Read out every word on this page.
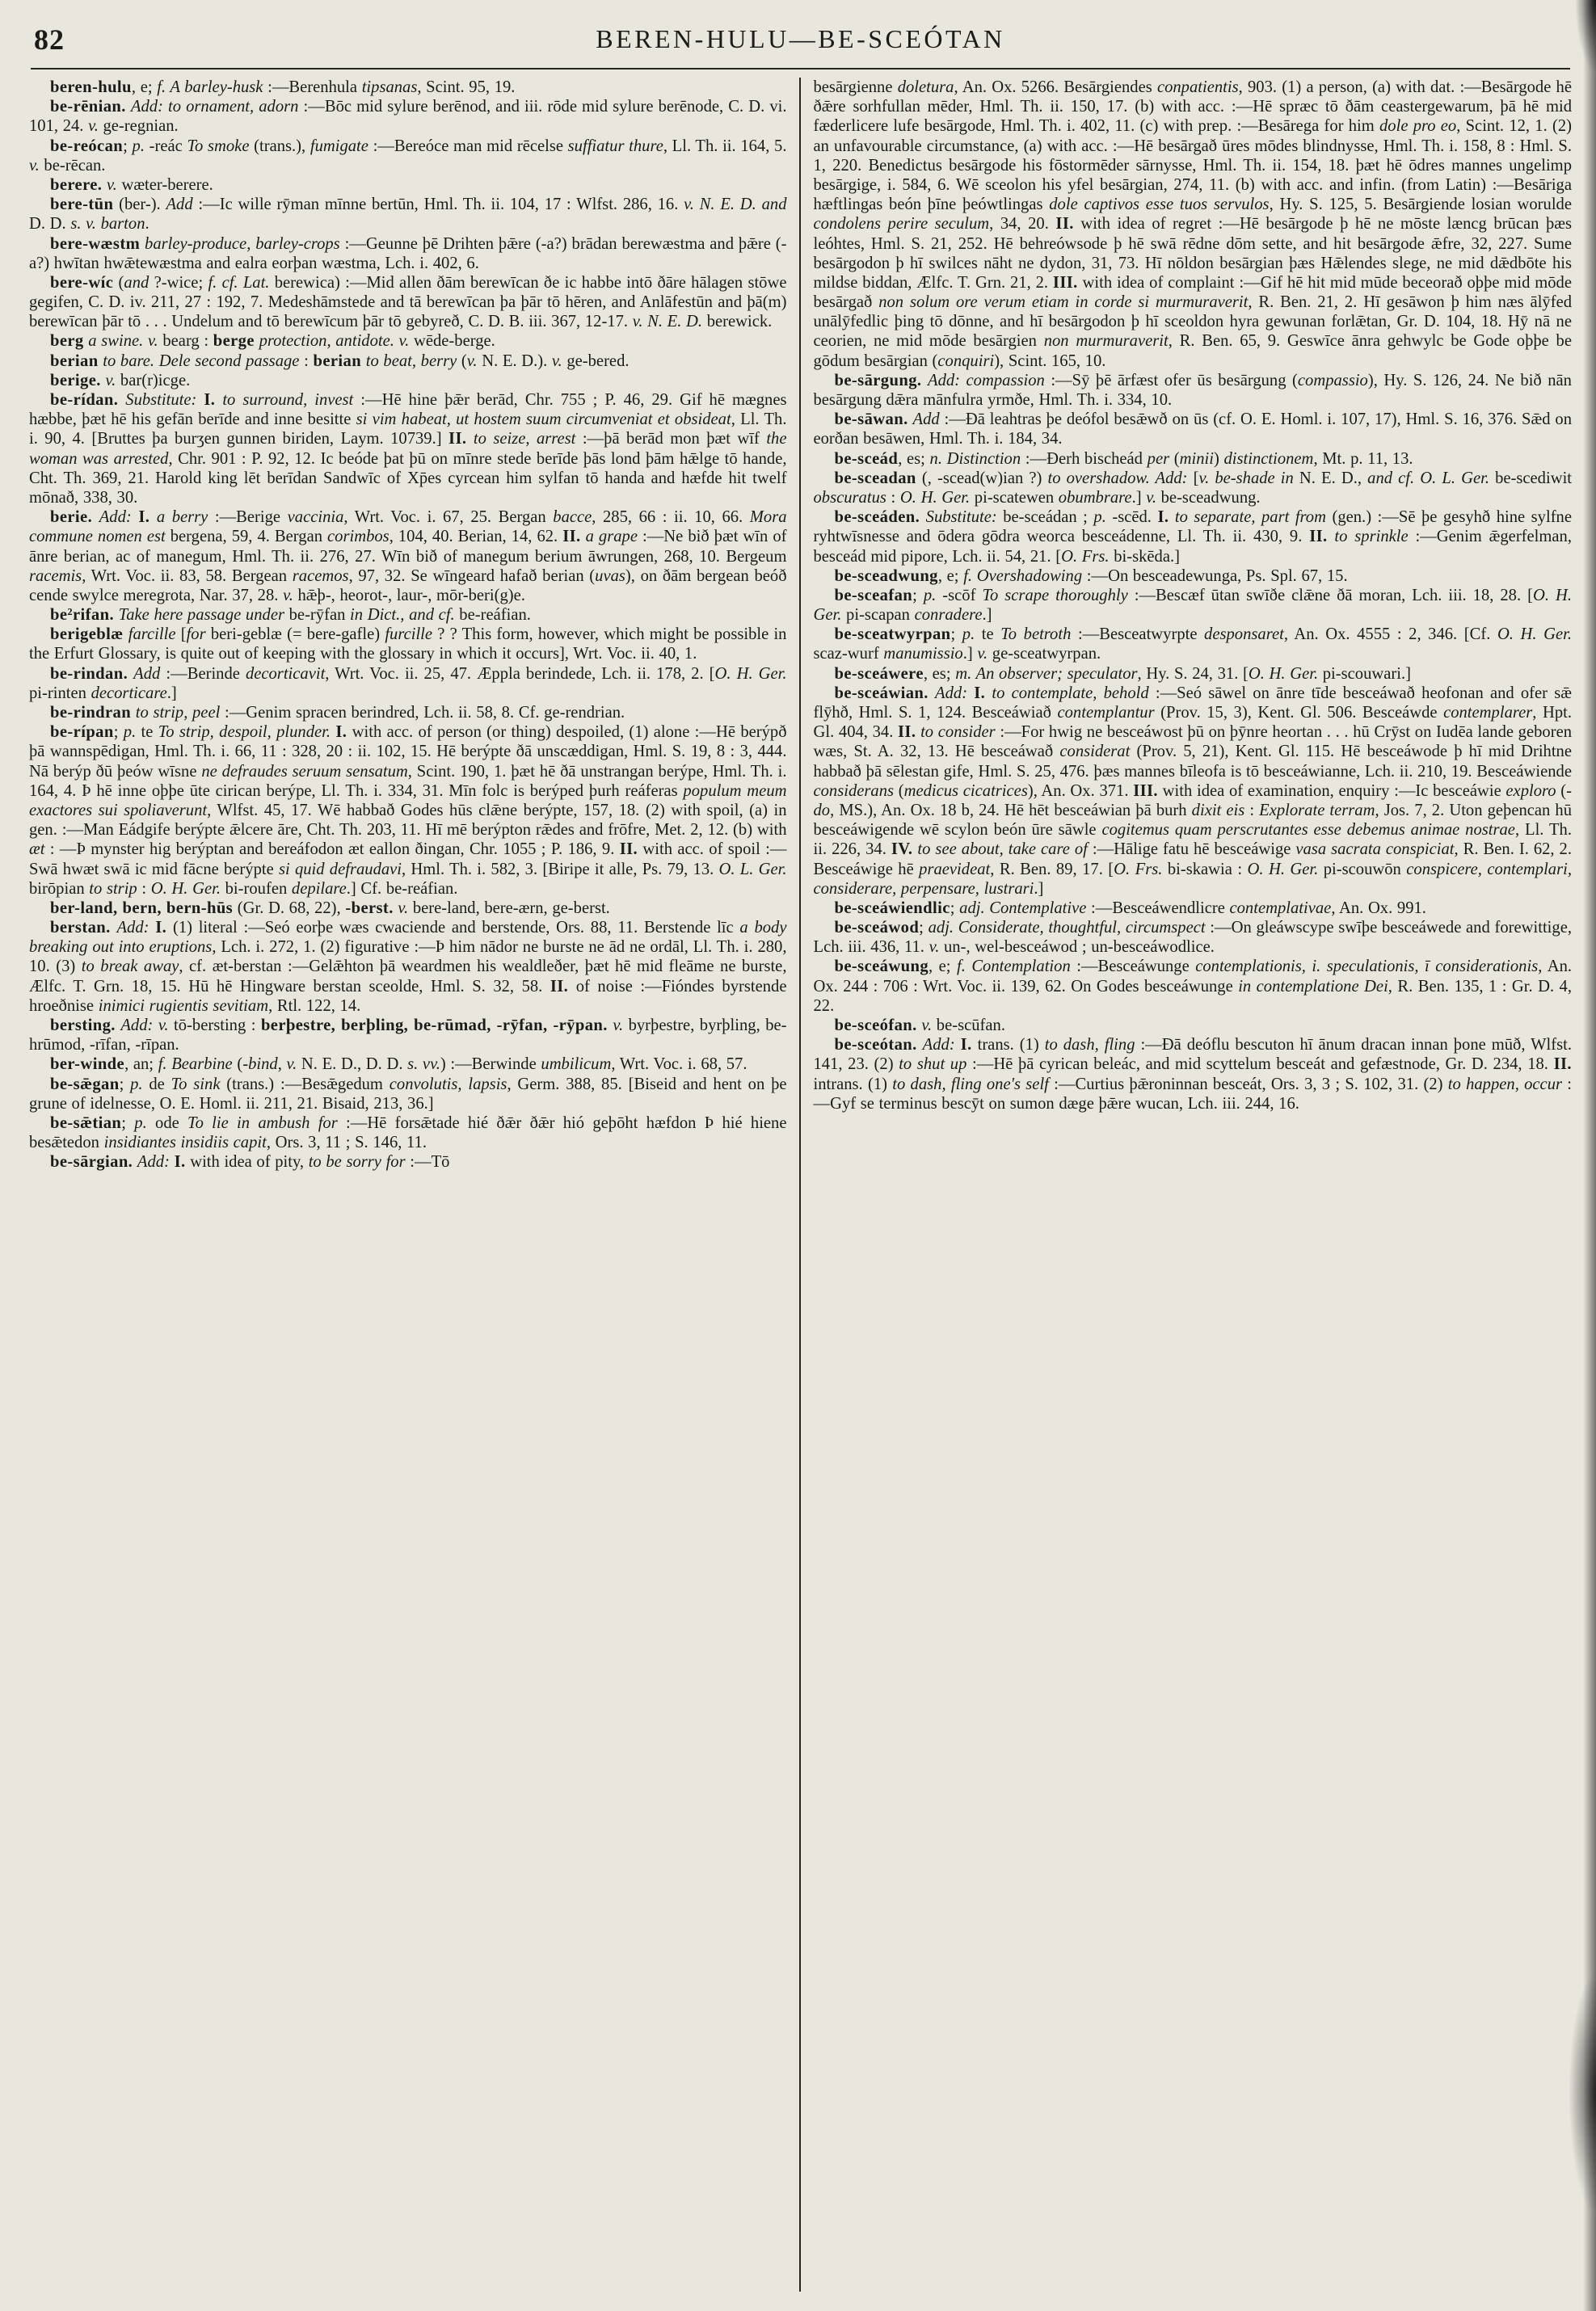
82	BEREN-HULU—BE-SCEÓTAN

beren-hulu, e; f. A barley-husk :—Berenhula tipsanas, Scint. 95, 19.

be-rēnian. Add: to ornament, adorn :—Bōc mid sylure berēnod, and iii. rōde mid sylure berēnode, C. D. vi. 101, 24. v. ge-regnian.

be-reócan; p. -reác To smoke (trans.), fumigate :—Bereóce man mid rēcelse suffiatur thure, Ll. Th. ii. 164, 5. v. be-rēcan.

berere. v. wæter-berere.

bere-tūn (ber-). Add :—Ic wille rȳman mīnne bertūn, Hml. Th. ii. 104, 17 : Wlfst. 286, 16. v. N. E. D. and D. D. s. v. barton.

bere-wæstm barley-produce, barley-crops :—Geunne þē Drihten þǣre (-a?) brādan berewæstma and þǣre (-a?) hwītan hwǣtewæstma and ealra eorþan wæstma, Lch. i. 402, 6.

bere-wíc (and ?-wice; f. cf. Lat. berewica) :—Mid allen ðām berewīcan ðe ic habbe intō ðāre hālagen stōwe gegifen, C. D. iv. 211, 27 : 192, 7. Medeshāmstede and tā berewīcan þa þār tō hēren, and Anlāfestūn and þā(m) berewīcan þār tō . . . Undelum and tō berewīcum þār tō gebyreð, C. D. B. iii. 367, 12-17. v. N. E. D. berewick.

berg a swine. v. bearg : berge protection, antidote. v. wēde-berge.

berian to bare. Dele second passage : berian to beat, berry (v. N. E. D.). v. ge-bered.

berige. v. bar(r)icge.

be-rídan. Substitute: I. to surround, invest :—Hē hine þǣr berād, Chr. 755 ; P. 46, 29. Gif hē mægnes hæbbe, þæt hē his gefān berīde and inne besitte si vim habeat, ut hostem suum circumveniat et obsideat, Ll. Th. i. 90, 4. [Bruttes þa burʒen gunnen biriden, Laym. 10739.] II. to seize, arrest :—þā berād mon þæt wīf the woman was arrested, Chr. 901 : P. 92, 12. Ic beóde þat þū on mīnre stede berīde þās lond þām hǣlge tō hande, Cht. Th. 369, 21. Harold king lēt berīdan Sandwīc of Xp̄es cyrcean him sylfan tō handa and hæfde hit twelf mōnað, 338, 30.

berie. Add: I. a berry :—Berige vaccinia, Wrt. Voc. i. 67, 25. Bergan bacce, 285, 66 : ii. 10, 66. Mora commune nomen est bergena, 59, 4. Bergan corimbos, 104, 40. Berian, 14, 62. II. a grape :—Ne bið þæt wīn of ānre berian, ac of manegum, Hml. Th. ii. 276, 27. Wīn bið of manegum berium āwrungen, 268, 10. Bergeum racemis, Wrt. Voc. ii. 83, 58. Bergean racemos, 97, 32. Se wīngeard hafað berian (uvas), on ðām bergean beóð cende swylce meregrota, Nar. 37, 28. v. hǣþ-, heorot-, laur-, mōr-beri(g)e.

be²rifan. Take here passage under be-rȳfan in Dict., and cf. be-reáfian.

berigeblæ farcille [for beri-geblæ (= bere-gafle) furcille ? ? This form, however, which might be possible in the Erfurt Glossary, is quite out of keeping with the glossary in which it occurs], Wrt. Voc. ii. 40, 1.

be-rindan. Add :—Berinde decorticavit, Wrt. Voc. ii. 25, 47. Æppla berindede, Lch. ii. 178, 2. [O. H. Ger. pi-rinten decorticare.]

be-rindran to strip, peel :—Genim spracen berindred, Lch. ii. 58, 8. Cf. ge-rendrian.

be-rípan; p. te To strip, despoil, plunder. I. with acc. of person (or thing) despoiled, (1) alone :—Hē berýpð þā wannspēdigan, Hml. Th. i. 66, 11 : 328, 20 : ii. 102, 15. Hē berýpte ðā unscæddigan, Hml. S. 19, 8 : 3, 444. Nā berýp ðū þeów wīsne ne defraudes seruum sensatum, Scint. 190, 1. þæt hē ðā unstrangan berýpe, Hml. Th. i. 164, 4. Þ hē inne oþþe ūte cirican berýpe, Ll. Th. i. 334, 31. Mīn folc is berýped þurh reáferas populum meum exactores sui spoliaverunt, Wlfst. 45, 17. Wē habbað Godes hūs clǣne berýpte, 157, 18. (2) with spoil, (a) in gen. :—Man Eádgife berýpte ǣlcere āre, Cht. Th. 203, 11. Hī mē berýpton rǣdes and frōfre, Met. 2, 12. (b) with æt : —Þ mynster hig berýptan and bereáfodon æt eallon ðingan, Chr. 1055 ; P. 186, 9. II. with acc. of spoil :—Swā hwæt swā ic mid fācne berýpte si quid defraudavi, Hml. Th. i. 582, 3. [Biripe it alle, Ps. 79, 13. O. L. Ger. birōpian to strip : O. H. Ger. bi-roufen depilare.] Cf. be-reáfian.

ber-land, bern, bern-hūs (Gr. D. 68, 22), -berst. v. bere-land, bere-ærn, ge-berst.

berstan. Add: I. (1) literal :—Seó eorþe wæs cwaciende and berstende, Ors. 88, 11. Berstende līc a body breaking out into eruptions, Lch. i. 272, 1. (2) figurative :—Þ him nādor ne burste ne ād ne ordāl, Ll. Th. i. 280, 10. (3) to break away, cf. æt-berstan :—Gelǣhton þā weardmen his wealdleðer, þæt hē mid fleāme ne burste, Ælfc. T. Grn. 18, 15. Hū hē Hingware berstan sceolde, Hml. S. 32, 58. II. of noise :—Fióndes byrstende hroeðnise inimici rugientis sevitiam, Rtl. 122, 14.

bersting. Add: v. tō-bersting : berþestre, berþling, be-rūmad, -rȳfan, -rȳpan. v. byrþestre, byrþling, be-hrūmod, -rīfan, -rīpan.

ber-winde, an; f. Bearbine (-bind, v. N. E. D., D. D. s. vv.) :—Berwinde umbilicum, Wrt. Voc. i. 68, 57.

be-sǣgan; p. de To sink (trans.) :—Besǣgedum convolutis, lapsis, Germ. 388, 85. [Biseid and hent on þe grune of idelnesse, O. E. Homl. ii. 211, 21. Bisaid, 213, 36.]

be-sǣtian; p. ode To lie in ambush for :—Hē forsǣtade hié ðǣr ðǣr hió geþōht hæfdon Þ hié hiene besǣtedon insidiantes insidiis capit, Ors. 3, 11 ; S. 146, 11.

be-sārgian. Add: I. with idea of pity, to be sorry for :—Tō

besārgienne doletura, An. Ox. 5266. Besārgiendes conpatientis, 903. (1) a person, (a) with dat. :—Besārgode hē ðǣre sorhfullan mēder, Hml. Th. ii. 150, 17. (b) with acc. :—Hē spræc tō ðām ceastergewarum, þā hē mid fæderlicere lufe besārgode, Hml. Th. i. 402, 11. (c) with prep. :—Besārega for him dole pro eo, Scint. 12, 1. (2) an unfavourable circumstance, (a) with acc. :—Hē besārgað ūres mōdes blindnysse, Hml. Th. i. 158, 8 : Hml. S. 1, 220. Benedictus besārgode his fōstormēder sārnysse, Hml. Th. ii. 154, 18. þæt hē ōdres mannes ungelimp besārgige, i. 584, 6. Wē sceolon his yfel besārgian, 274, 11. (b) with acc. and infin. (from Latin) :—Besāriga hæftlingas beón þīne þeówtlingas dole captivos esse tuos servulos, Hy. S. 125, 5. Besārgiende losian worulde condolens perire seculum, 34, 20. II. with idea of regret :—Hē besārgode þ hē ne mōste læncg brūcan þæs leóhtes, Hml. S. 21, 252. Hē behreówsode þ hē swā rēdne dōm sette, and hit besārgode ǣfre, 32, 227. Sume besārgodon þ hī swilces nāht ne dydon, 31, 73. Hī nōldon besārgian þæs Hǣlendes slege, ne mid dǣdbōte his mildse biddan, Ælfc. T. Grn. 21, 2. III. with idea of complaint :—Gif hē hit mid mūde beceorað oþþe mid mōde besārgað non solum ore verum etiam in corde si murmuraverit, R. Ben. 21, 2. Hī gesāwon þ him næs ālȳfed unālȳfedlic þing tō dōnne, and hī besārgodon þ hī sceoldon hyra gewunan forlǣtan, Gr. D. 104, 18. Hȳ nā ne ceorien, ne mid mōde besārgien non murmuraverit, R. Ben. 65, 9. Geswīce ānra gehwylc be Gode oþþe be gōdum besārgian (conquiri), Scint. 165, 10.

be-sārgung. Add: compassion :—Sȳ þē ārfæst ofer ūs besārgung (compassio), Hy. S. 126, 24. Ne bið nān besārgung dǣra mānfulra yrmðe, Hml. Th. i. 334, 10.

be-sāwan. Add :—Ðā leahtras þe deófol besǣwð on ūs (cf. O. E. Homl. i. 107, 17), Hml. S. 16, 376. Sǣd on eorðan besāwen, Hml. Th. i. 184, 34.

be-sceád, es; n. Distinction :—Ðerh bischeád per (minii) distinctionem, Mt. p. 11, 13.

be-sceadan (, -scead(w)ian ?) to overshadow. Add: [v. be-shade in N. E. D., and cf. O. L. Ger. be-scediwit obscuratus : O. H. Ger. pi-scatewen obumbrare.] v. be-sceadwung.

be-sceáden. Substitute: be-sceádan ; p. -scēd. I. to separate, part from (gen.) :—Sē þe gesyhð hine sylfne ryhtwīsnesse and ōdera gōdra weorca besceádenne, Ll. Th. ii. 430, 9. II. to sprinkle :—Genim ǣgerfelman, besceád mid pipore, Lch. ii. 54, 21. [O. Frs. bi-skēda.]

be-sceadwung, e; f. Overshadowing :—On besceadewunga, Ps. Spl. 67, 15.

be-sceafan; p. -scōf To scrape thoroughly :—Bescæf ūtan swīðe clǣne ðā moran, Lch. iii. 18, 28. [O. H. Ger. pi-scapan conradere.]

be-sceatwyrpan; p. te To betroth :—Besceatwyrpte desponsaret, An. Ox. 4555 : 2, 346. [Cf. O. H. Ger. scaz-wurf manumissio.] v. ge-sceatwyrpan.

be-sceáwere, es; m. An observer; speculator, Hy. S. 24, 31. [O. H. Ger. pi-scouwari.]

be-sceáwian. Add: I. to contemplate, behold :—Seó sāwel on ānre tīde besceáwað heofonan and ofer sǣ flȳhð, Hml. S. 1, 124. Besceáwiað contemplantur (Prov. 15, 3), Kent. Gl. 506. Besceáwde contemplarer, Hpt. Gl. 404, 34. II. to consider :—For hwig ne besceáwost þū on þȳnre heortan . . . hū Crȳst on Iudēa lande geboren wæs, St. A. 32, 13. Hē besceáwað considerat (Prov. 5, 21), Kent. Gl. 115. Hē besceáwode þ hī mid Drihtne habbað þā sēlestan gife, Hml. S. 25, 476. þæs mannes bīleofa is tō besceáwianne, Lch. ii. 210, 19. Besceáwiende considerans (medicus cicatrices), An. Ox. 371. III. with idea of examination, enquiry :—Ic besceáwie exploro (-do, MS.), An. Ox. 18 b, 24. Hē hēt besceáwian þā burh dixit eis : Explorate terram, Jos. 7, 2. Uton geþencan hū besceáwigende wē scylon beón ūre sāwle cogitemus quam perscrutantes esse debemus animae nostrae, Ll. Th. ii. 226, 34. IV. to see about, take care of :—Hālige fatu hē besceáwige vasa sacrata conspiciat, R. Ben. I. 62, 2. Besceáwige hē praevideat, R. Ben. 89, 17. [O. Frs. bi-skawia : O. H. Ger. pi-scouwōn conspicere, contemplari, considerare, perpensare, lustrari.]

be-sceáwiendlic; adj. Contemplative :—Besceáwendlicre contemplativae, An. Ox. 991.

be-sceáwod; adj. Considerate, thoughtful, circumspect :—On gleáwscype swīþe besceáwede and forewittige, Lch. iii. 436, 11. v. un-, wel-besceáwod ; un-besceáwodlice.

be-sceáwung, e; f. Contemplation :—Besceáwunge contemplationis, i. speculationis, ī considerationis, An. Ox. 244 : 706 : Wrt. Voc. ii. 139, 62. On Godes besceáwunge in contemplatione Dei, R. Ben. 135, 1 : Gr. D. 4, 22.

be-sceófan. v. be-scūfan.

be-sceótan. Add: I. trans. (1) to dash, fling :—Ðā deóflu bescuton hī ānum dracan innan þone mūð, Wlfst. 141, 23. (2) to shut up :—Hē þā cyrican beleác, and mid scyttelum besceát and gefæstnode, Gr. D. 234, 18. II. intrans. (1) to dash, fling one's self :—Curtius þǣroninnan besceát, Ors. 3, 3 ; S. 102, 31. (2) to happen, occur :—Gyf se terminus bescȳt on sumon dæge þǣre wucan, Lch. iii. 244, 16.
